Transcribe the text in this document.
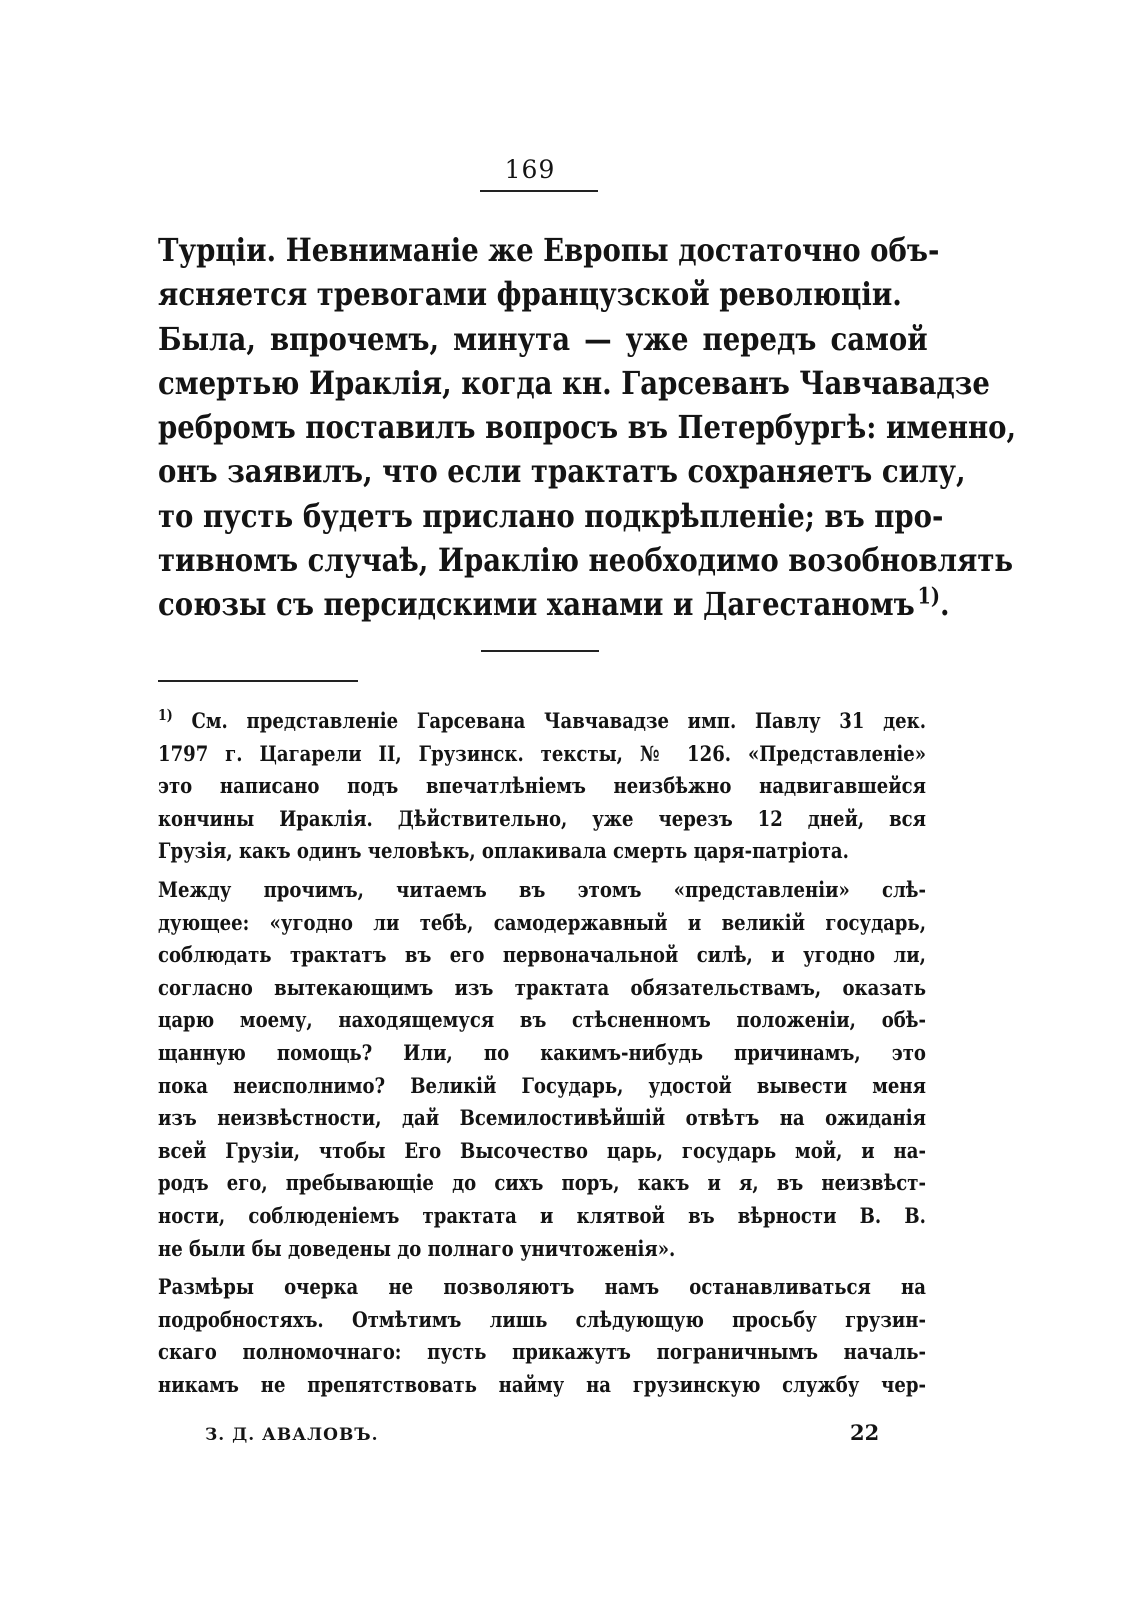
169

Турціи. Невниманіе же Европы достаточно объ-
ясняется тревогами французской революціи.

Была, впрочемъ, минута — уже передъ самой
смертью Ираклія, когда кн. Гарсеванъ Чавчавадзе
ребромъ поставилъ вопросъ въ Петербургѣ: именно,
онъ заявилъ, что если трактатъ сохраняетъ силу,
то пусть будетъ прислано подкрѣпленіе; въ про-
тивномъ случаѣ, Ираклію необходимо возобновлять
союзы съ персидскими ханами и Дагестаномъ  $^{1)}$.

$^{1)}$ См. представленіе Гарсевана Чавчавадзе имп. Павлу 31 дек.
1797 г. Цагарели II, Грузинск. тексты, № 126. «Представленіе»
это написано подъ впечатлѣніемъ неизбѣжно надвигавшейся
кончины Ираклія. Дѣйствительно, уже черезъ 12 дней, вся
Грузія, какъ одинъ человѣкъ, оплакивала смерть царя-патріота.

Между прочимъ, читаемъ въ этомъ «представленіи» слѣ-
дующее: «угодно ли тебѣ, самодержавный и великій государь,
соблюдать трактатъ въ его первоначальной силѣ, и угодно ли,
согласно вытекающимъ изъ трактата обязательствамъ, оказать
царю моему, находящемуся въ стѣсненномъ положеніи, обѣ-
щанную помощь? Или, по какимъ-нибудь причинамъ, это
пока неисполнимо? Великій Государь, удостой вывести меня
изъ неизвѣстности, дай Всемилостивѣйшій отвѣтъ на ожиданія
всей Грузіи, чтобы Его Высочество царь, государь мой, и на-
родъ его, пребывающіе до сихъ поръ, какъ и я, въ неизвѣст-
ности, соблюденіемъ трактата и клятвой въ вѣрности В. В.
не были бы доведены до полнаго уничтоженія».

Размѣры очерка не позволяютъ намъ останавливаться на
подробностяхъ. Отмѣтимъ лишь слѣдующую просьбу грузин-
скаго полномочнаго: пусть прикажутъ пограничнымъ началь-
никамъ не препятствовать найму на грузинскую службу чер-

З. Д. АВАЛОВЪ.	22
